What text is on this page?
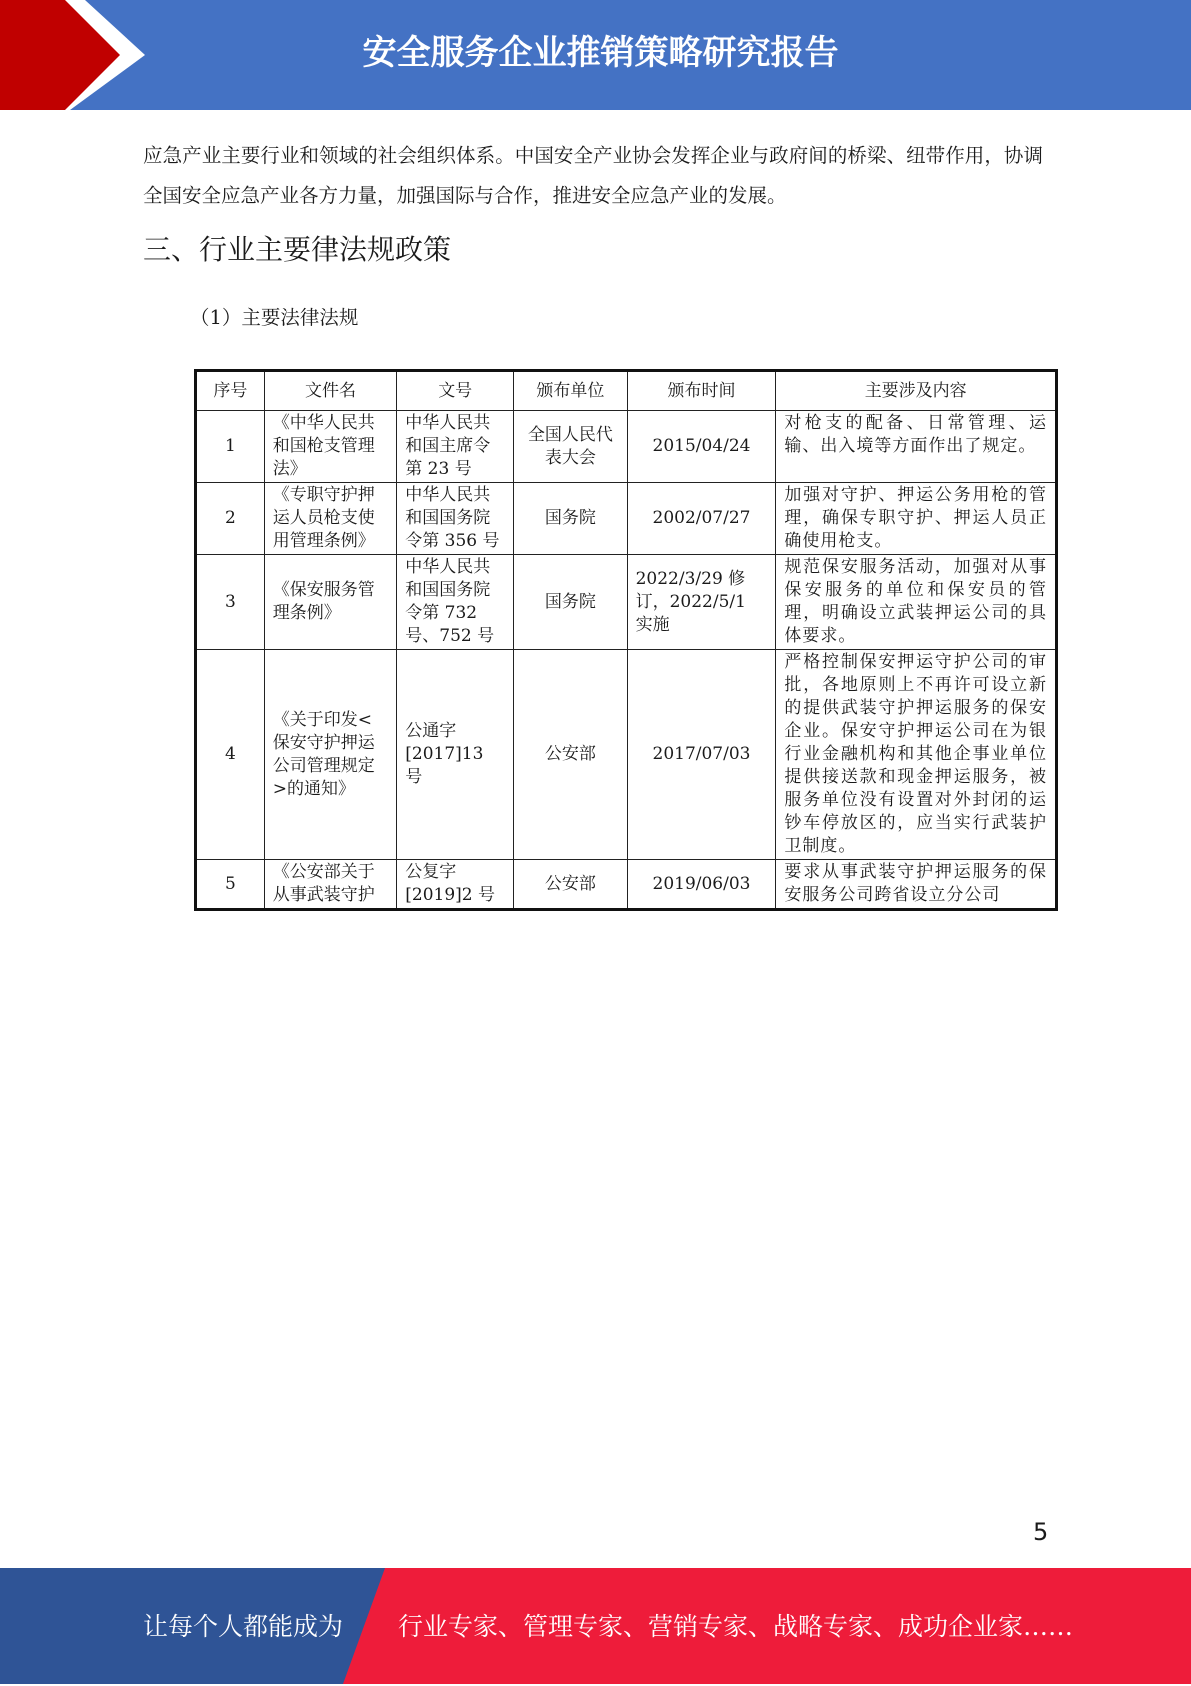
安全服务企业推销策略研究报告
应急产业主要行业和领域的社会组织体系。中国安全产业协会发挥企业与政府间的桥梁、纽带作用，协调全国安全应急产业各方力量，加强国际与合作，推进安全应急产业的发展。
三、行业主要律法规政策
（1）主要法律法规
序号	文件名	文号	颁布单位	颁布时间	主要涉及内容
1	《中华人民共和国枪支管理法》	中华人民共和国主席令第 23 号	全国人民代表大会	2015/04/24	对枪支的配备、日常管理、运输、出入境等方面作出了规定。
2	《专职守护押运人员枪支使用管理条例》	中华人民共和国国务院令第 356 号	国务院	2002/07/27	加强对守护、押运公务用枪的管理，确保专职守护、押运人员正确使用枪支。
3	《保安服务管理条例》	中华人民共和国国务院令第 732 号、752 号	国务院	2022/3/29 修订，2022/5/1 实施	规范保安服务活动，加强对从事保安服务的单位和保安员的管理，明确设立武装押运公司的具体要求。
4	《关于印发<保安守护押运公司管理规定>的通知》	公通字[2017]13 号	公安部	2017/07/03	严格控制保安押运守护公司的审批，各地原则上不再许可设立新的提供武装守护押运服务的保安企业。保安守护押运公司在为银行业金融机构和其他企事业单位提供接送款和现金押运服务，被服务单位没有设置对外封闭的运钞车停放区的，应当实行武装护卫制度。
5	《公安部关于从事武装守护	公复字[2019]2 号	公安部	2019/06/03	要求从事武装守护押运服务的保安服务公司跨省设立分公司
5
让每个人都能成为 行业专家、管理专家、营销专家、战略专家、成功企业家……
